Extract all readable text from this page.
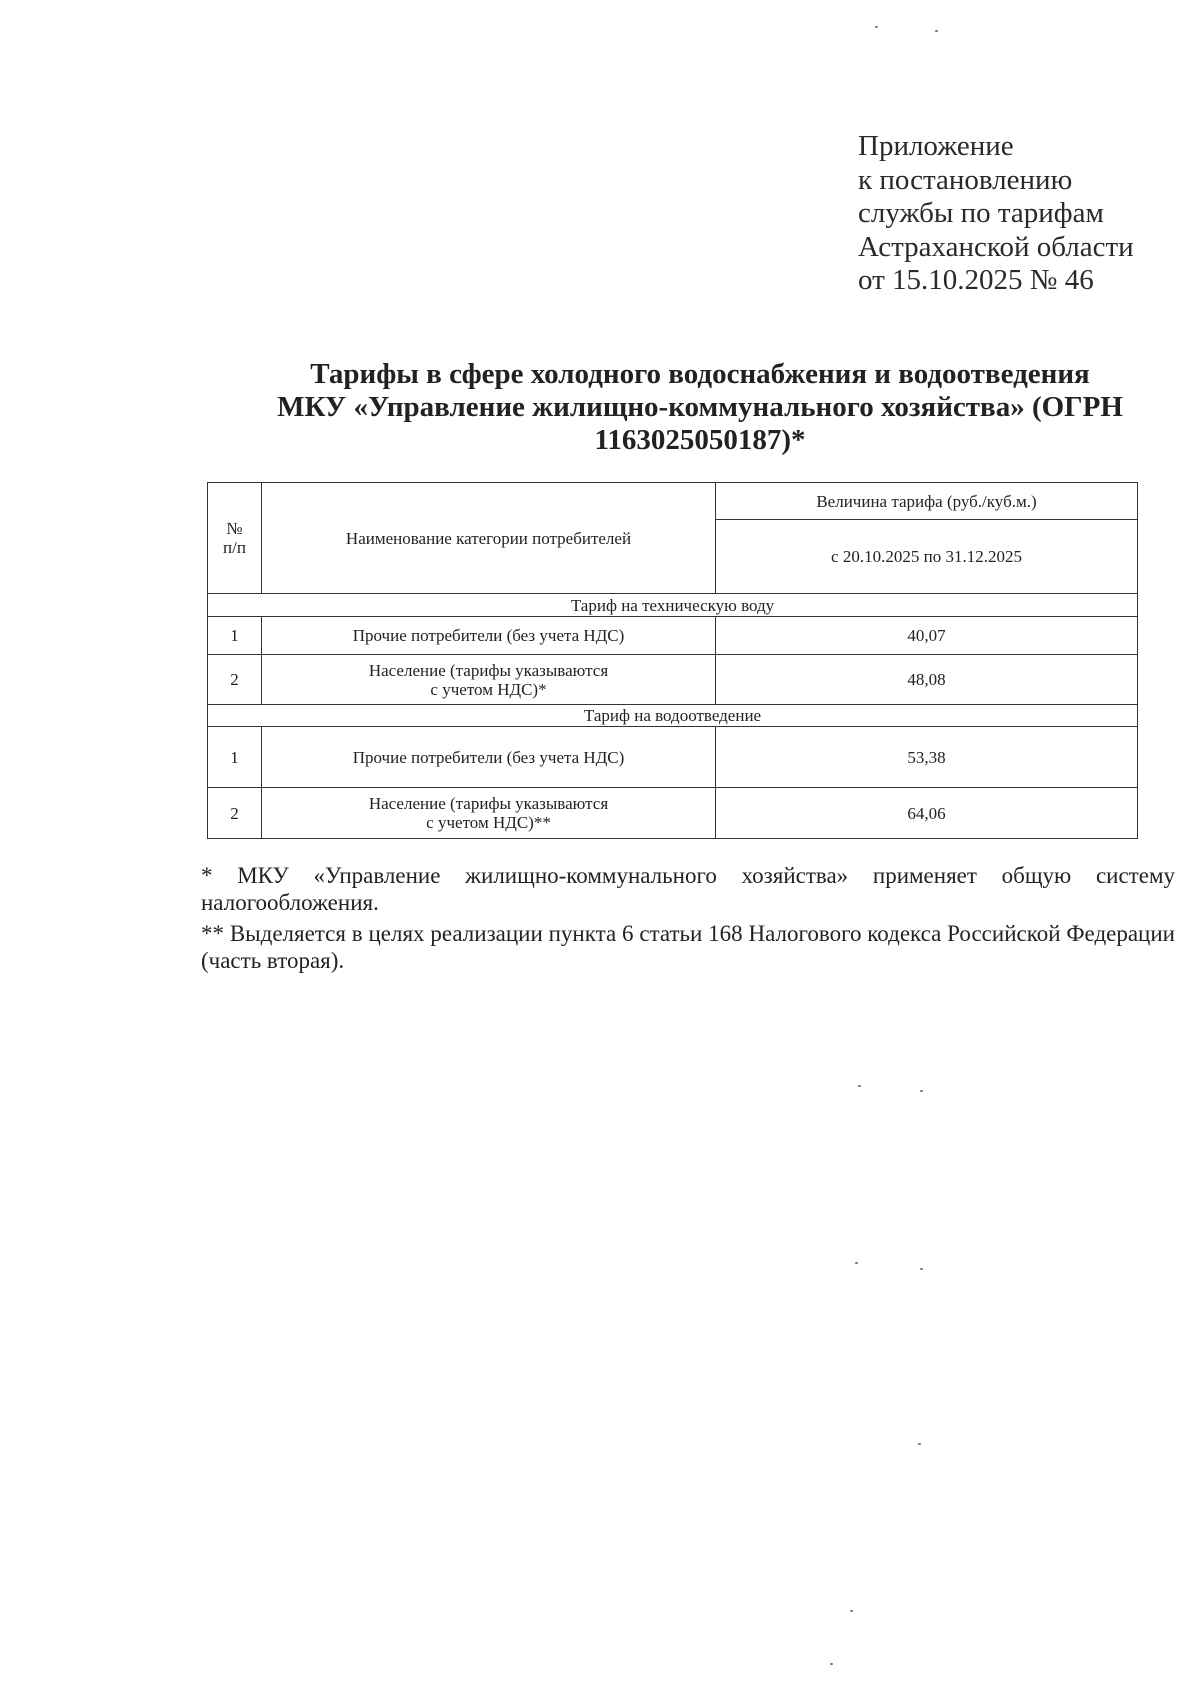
Приложение
к постановлению
службы по тарифам
Астраханской области
от 15.10.2025 № 46
Тарифы в сфере холодного водоснабжения и водоотведения
МКУ «Управление жилищно-коммунального хозяйства» (ОГРН
1163025050187)*
№ п/п	Наименование категории потребителей	Величина тарифа (руб./куб.м.)
		с 20.10.2025 по 31.12.2025
Тариф на техническую воду		
1	Прочие потребители (без учета НДС)	40,07
2	Население (тарифы указываются
с учетом НДС)*	48,08
Тариф на водоотведение		
1	Прочие потребители (без учета НДС)	53,38
2	Население (тарифы указываются
с учетом НДС)**	64,06

* МКУ «Управление жилищно-коммунального хозяйства» применяет общую систему налогообложения.

** Выделяется в целях реализации пункта 6 статьи 168 Налогового кодекса Российской Федерации (часть вторая).
